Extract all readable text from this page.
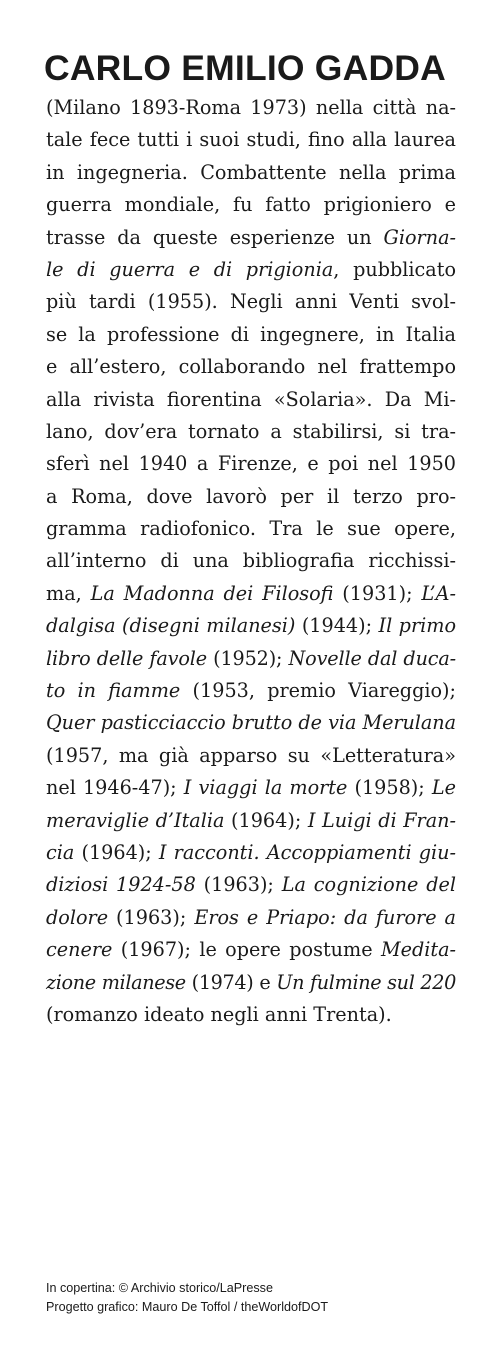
CARLO EMILIO GADDA
(Milano 1893-Roma 1973) nella città na-
tale fece tutti i suoi studi, fino alla laurea
in ingegneria. Combattente nella prima
guerra mondiale, fu fatto prigioniero e
trasse da queste esperienze un Giorna-
le di guerra e di prigionia, pubblicato
più tardi (1955). Negli anni Venti svol-
se la professione di ingegnere, in Italia
e all’estero, collaborando nel frattempo
alla rivista fiorentina «Solaria». Da Mi-
lano, dov’era tornato a stabilirsi, si tra-
sferì nel 1940 a Firenze, e poi nel 1950
a Roma, dove lavorò per il terzo pro-
gramma radiofonico. Tra le sue opere,
all’interno di una bibliografia ricchissi-
ma, La Madonna dei Filosofi (1931); L’A-
dalgisa (disegni milanesi) (1944); Il primo
libro delle favole (1952); Novelle dal duca-
to in fiamme (1953, premio Viareggio);
Quer pasticciaccio brutto de via Merulana
(1957, ma già apparso su «Letteratura»
nel 1946-47); I viaggi la morte (1958); Le
meraviglie d’Italia (1964); I Luigi di Fran-
cia (1964); I racconti. Accoppiamenti giu-
diziosi 1924-58 (1963); La cognizione del
dolore (1963); Eros e Priapo: da furore a
cenere (1967); le opere postume Medita-
zione milanese (1974) e Un fulmine sul 220
(romanzo ideato negli anni Trenta).
In copertina: © Archivio storico/LaPresse
Progetto grafico: Mauro De Toffol / theWorldofDOT
